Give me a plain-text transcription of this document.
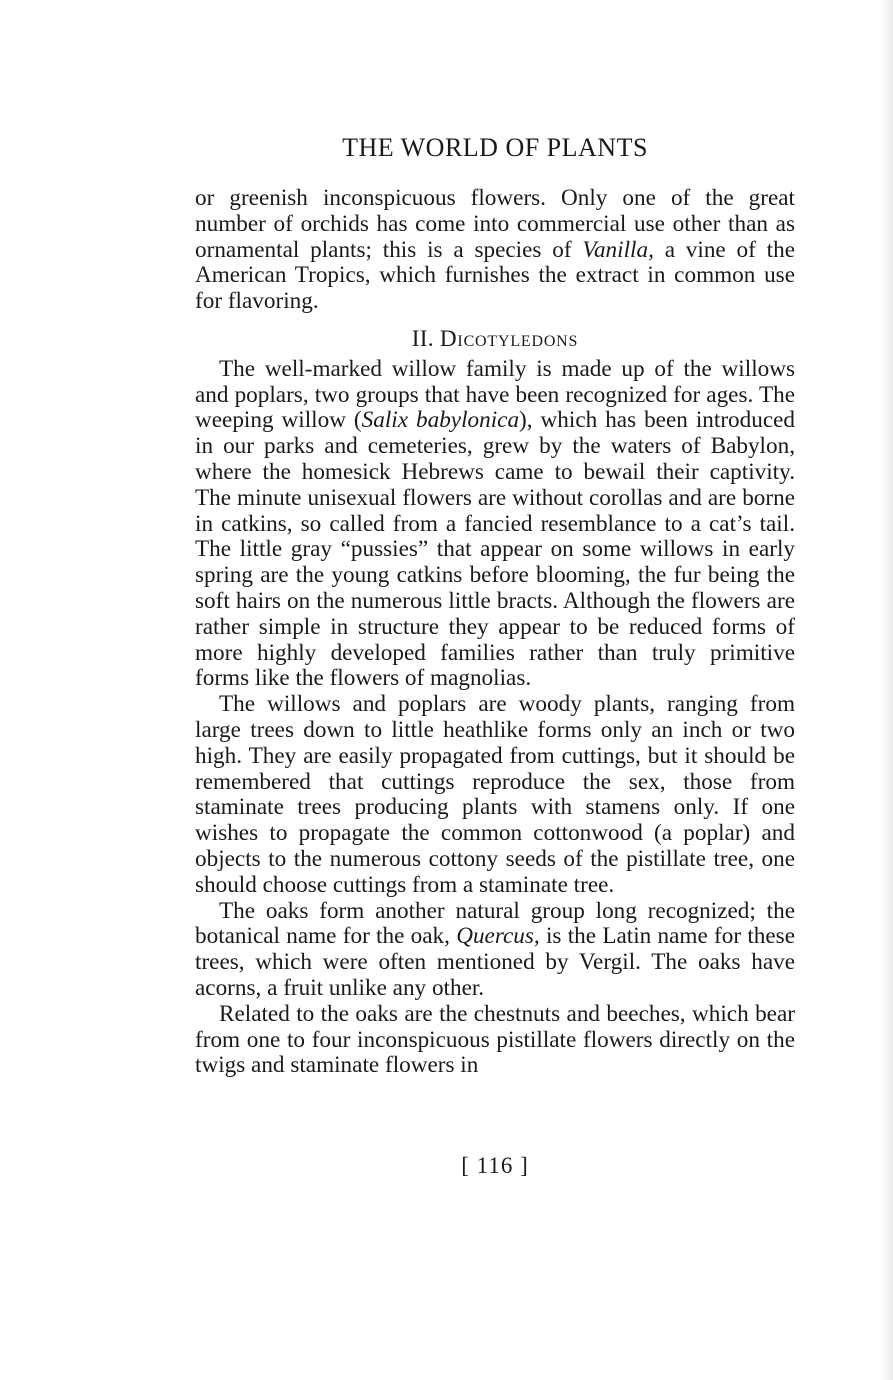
THE WORLD OF PLANTS

or greenish inconspicuous flowers. Only one of the great number of orchids has come into commercial use other than as ornamental plants; this is a species of Vanilla, a vine of the American Tropics, which furnishes the extract in common use for flavoring.

II. Dicotyledons

The well-marked willow family is made up of the willows and poplars, two groups that have been recognized for ages. The weeping willow (Salix babylonica), which has been introduced in our parks and cemeteries, grew by the waters of Babylon, where the homesick Hebrews came to bewail their captivity. The minute unisexual flowers are without corollas and are borne in catkins, so called from a fancied resemblance to a cat’s tail. The little gray “pussies” that appear on some willows in early spring are the young catkins before blooming, the fur being the soft hairs on the numerous little bracts. Although the flowers are rather simple in structure they appear to be reduced forms of more highly developed families rather than truly primitive forms like the flowers of magnolias.

The willows and poplars are woody plants, ranging from large trees down to little heathlike forms only an inch or two high. They are easily propagated from cuttings, but it should be remembered that cuttings reproduce the sex, those from staminate trees producing plants with stamens only. If one wishes to propagate the common cottonwood (a poplar) and objects to the numerous cottony seeds of the pistillate tree, one should choose cuttings from a staminate tree.

The oaks form another natural group long recognized; the botanical name for the oak, Quercus, is the Latin name for these trees, which were often mentioned by Vergil. The oaks have acorns, a fruit unlike any other.

Related to the oaks are the chestnuts and beeches, which bear from one to four inconspicuous pistillate flowers directly on the twigs and staminate flowers in

[ 116 ]
